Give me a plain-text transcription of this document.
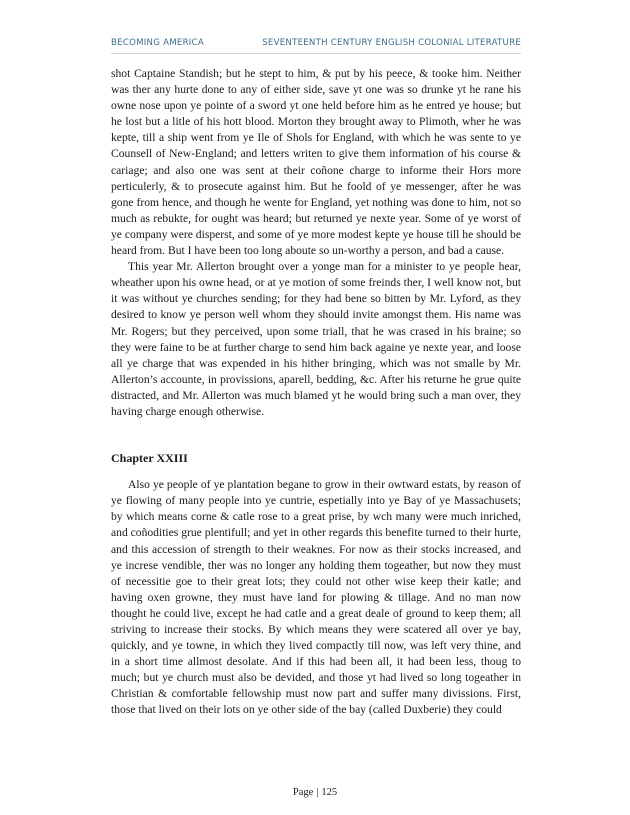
BECOMING AMERICA	SEVENTEENTH CENTURY ENGLISH COLONIAL LITERATURE

shot Captaine Standish; but he stept to him, & put by his peece, & tooke him. Neither was ther any hurte done to any of either side, save yt one was so drunke yt he rane his owne nose upon ye pointe of a sword yt one held before him as he entred ye house; but he lost but a litle of his hott blood. Morton they brought away to Plimoth, wher he was kepte, till a ship went from ye Ile of Shols for England, with which he was sente to ye Counsell of New-England; and letters writen to give them information of his course & cariage; and also one was sent at their coñone charge to informe their Hors more perticulerly, & to prosecute against him. But he foold of ye messenger, after he was gone from hence, and though he wente for England, yet nothing was done to him, not so much as rebukte, for ought was heard; but returned ye nexte year. Some of ye worst of ye company were disperst, and some of ye more modest kepte ye house till he should be heard from. But I have been too long aboute so un-worthy a person, and bad a cause.

This year Mr. Allerton brought over a yonge man for a minister to ye people hear, wheather upon his owne head, or at ye motion of some freinds ther, I well know not, but it was without ye churches sending; for they had bene so bitten by Mr. Lyford, as they desired to know ye person well whom they should invite amongst them. His name was Mr. Rogers; but they perceived, upon some triall, that he was crased in his braine; so they were faine to be at further charge to send him back againe ye nexte year, and loose all ye charge that was expended in his hither bringing, which was not smalle by Mr. Allerton’s accounte, in provissions, aparell, bedding, &c. After his returne he grue quite distracted, and Mr. Allerton was much blamed yt he would bring such a man over, they having charge enough otherwise.

Chapter XXIII

Also ye people of ye plantation begane to grow in their owtward estats, by reason of ye flowing of many people into ye cuntrie, espetially into ye Bay of ye Massachusets; by which means corne & catle rose to a great prise, by wch many were much inriched, and coñodities grue plentifull; and yet in other regards this benefite turned to their hurte, and this accession of strength to their weaknes. For now as their stocks increased, and ye increse vendible, ther was no longer any holding them togeather, but now they must of necessitie goe to their great lots; they could not other wise keep their katle; and having oxen growne, they must have land for plowing & tillage. And no man now thought he could live, except he had catle and a great deale of ground to keep them; all striving to increase their stocks. By which means they were scatered all over ye bay, quickly, and ye towne, in which they lived compactly till now, was left very thine, and in a short time allmost desolate. And if this had been all, it had been less, thoug to much; but ye church must also be devided, and those yt had lived so long togeather in Christian & comfortable fellowship must now part and suffer many divissions. First, those that lived on their lots on ye other side of the bay (called Duxberie) they could

Page | 125
